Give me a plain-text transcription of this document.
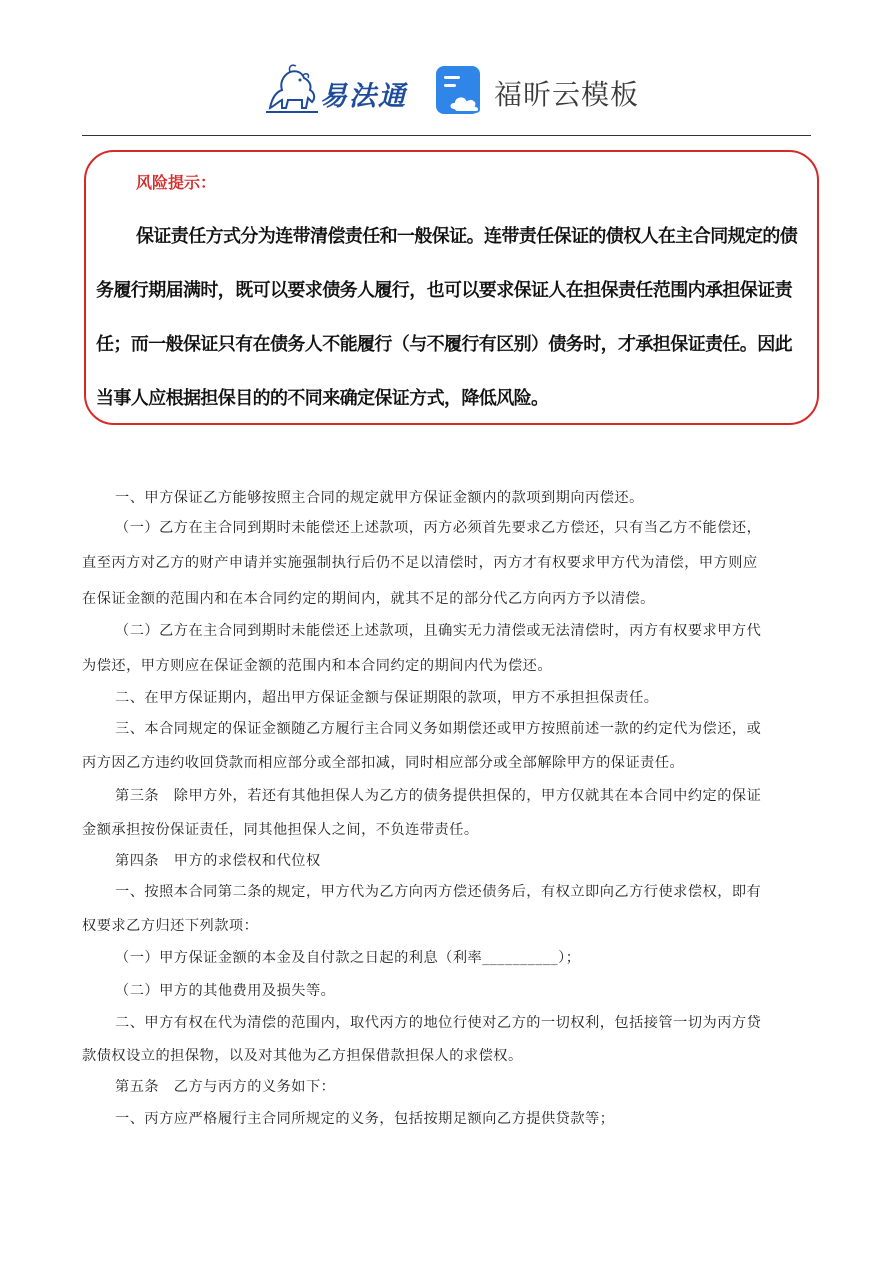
易法通	福昕云模板
风险提示：
保证责任方式分为连带清偿责任和一般保证。连带责任保证的债权人在主合同规定的债
务履行期届满时，既可以要求债务人履行，也可以要求保证人在担保责任范围内承担保证责
任；而一般保证只有在债务人不能履行（与不履行有区别）债务时，才承担保证责任。因此
当事人应根据担保目的的不同来确定保证方式，降低风险。
一、甲方保证乙方能够按照主合同的规定就甲方保证金额内的款项到期向丙偿还。
（一）乙方在主合同到期时未能偿还上述款项，丙方必须首先要求乙方偿还，只有当乙方不能偿还，
直至丙方对乙方的财产申请并实施强制执行后仍不足以清偿时，丙方才有权要求甲方代为清偿，甲方则应
在保证金额的范围内和在本合同约定的期间内，就其不足的部分代乙方向丙方予以清偿。
（二）乙方在主合同到期时未能偿还上述款项，且确实无力清偿或无法清偿时，丙方有权要求甲方代
为偿还，甲方则应在保证金额的范围内和本合同约定的期间内代为偿还。
二、在甲方保证期内，超出甲方保证金额与保证期限的款项，甲方不承担担保责任。
三、本合同规定的保证金额随乙方履行主合同义务如期偿还或甲方按照前述一款的约定代为偿还，或
丙方因乙方违约收回贷款而相应部分或全部扣减，同时相应部分或全部解除甲方的保证责任。
第三条　除甲方外，若还有其他担保人为乙方的债务提供担保的，甲方仅就其在本合同中约定的保证
金额承担按份保证责任，同其他担保人之间，不负连带责任。
第四条　甲方的求偿权和代位权
一、按照本合同第二条的规定，甲方代为乙方向丙方偿还债务后，有权立即向乙方行使求偿权，即有
权要求乙方归还下列款项：
（一）甲方保证金额的本金及自付款之日起的利息（利率__________）；
（二）甲方的其他费用及损失等。
二、甲方有权在代为清偿的范围内，取代丙方的地位行使对乙方的一切权利，包括接管一切为丙方贷
款债权设立的担保物，以及对其他为乙方担保借款担保人的求偿权。
第五条　乙方与丙方的义务如下：
一、丙方应严格履行主合同所规定的义务，包括按期足额向乙方提供贷款等；
